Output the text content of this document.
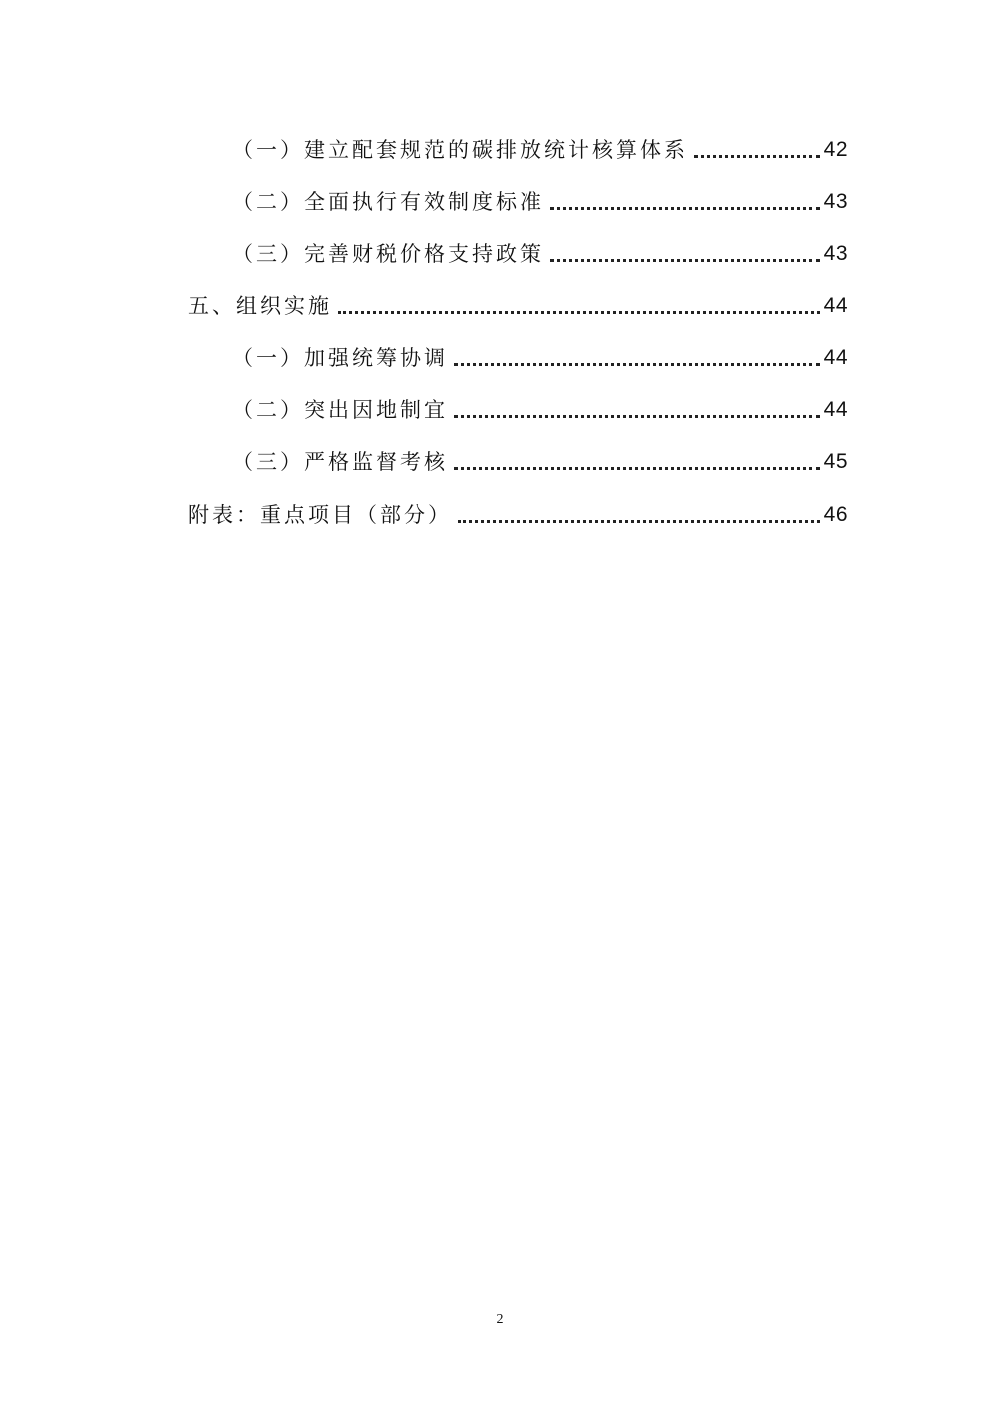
（一）建立配套规范的碳排放统计核算体系	42
（二）全面执行有效制度标准	43
（三）完善财税价格支持政策	43
五、组织实施	44
（一）加强统筹协调	44
（二）突出因地制宜	44
（三）严格监督考核	45
附表：重点项目（部分）	46
2
